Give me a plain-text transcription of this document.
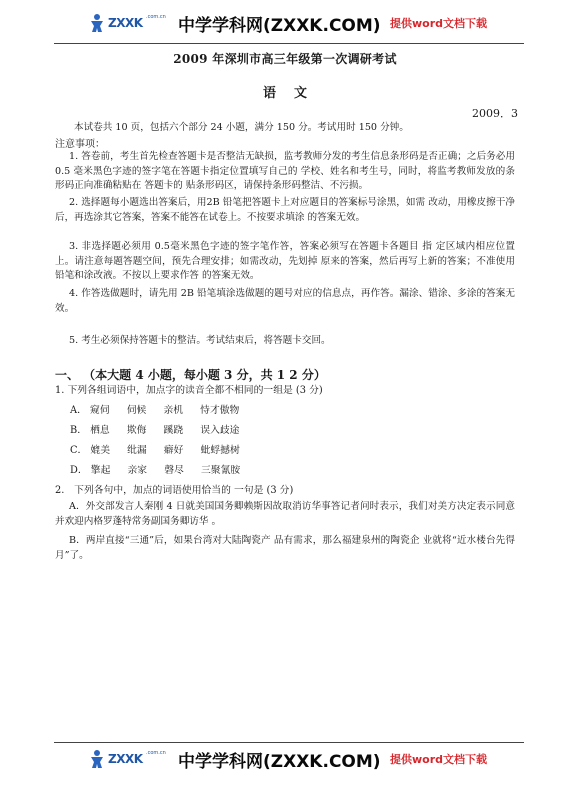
ZXXK .com.cn 中学学科网(ZXXK.COM) 提供word文档下载
2009 年深圳市高三年级第一次调研考试
语文
2009．3
本试卷共 10 页，包括六个部分 24 小题，满分 150 分。考试用时 150 分钟。
注意事项：
1. 答卷前，考生首先检查答题卡是否整洁无缺损，监考教师分发的考生信息条形码是否正确；之后务必用 0.5 毫米黑色字迹的签字笔在答题卡指定位置填写自己的 学校、姓名和考生号，同时，将监考教师发放的条形码正向准确粘贴在 答题卡的 贴条形码区，请保持条形码整洁、不污损。
2. 选择题每小题选出答案后，用2B 铅笔把答题卡上对应题目的答案标号涂黑，如需 改动，用橡皮擦干净后，再选涂其它答案，答案不能答在试卷上。不按要求填涂 的答案无效。
3. 非选择题必须用 0.5毫米黑色字迹的签字笔作答，答案必须写在答题卡各题目 指 定区域内相应位置上。请注意每题答题空间，预先合理安排；如需改动，先划掉 原来的答案，然后再写上新的答案；不准使用铅笔和涂改液。不按以上要求作答 的答案无效。
4. 作答选做题时，请先用 2B 铅笔填涂选做题的题号对应的信息点，再作答。漏涂、错涂、多涂的答案无效。
5. 考生必须保持答题卡的整洁。考试结束后，将答题卡交回。
一、 （本大题 4 小题，每小题 3 分，共 1 2 分）
1. 下列各组词语中，加点字的读音全都不相同的一组是 (3 分)
A． 窥伺 伺候 亲机 恃才傲物
B． 栖息 欺侮 蹊跷 误入歧途
C． 媲美 纰漏 癖好 蚍蜉撼树
D． 擎起 亲家 磬尽 三聚氰胺
2.　下列各句中，加点的词语使用恰当的 一句是 (3 分)
A．外交部发言人秦刚 4 日就美国国务卿赖斯因故取消访华事答记者问时表示，我们对美方决定表示同意并欢迎内格罗蓬特常务副国务卿访华 。
B．两岸直接“三通”后，如果台湾对大陆陶瓷产 品有需求，那么福建泉州的陶瓷企 业就将“近水楼台先得月”了。
ZXXK .com.cn 中学学科网(ZXXK.COM) 提供word文档下载
